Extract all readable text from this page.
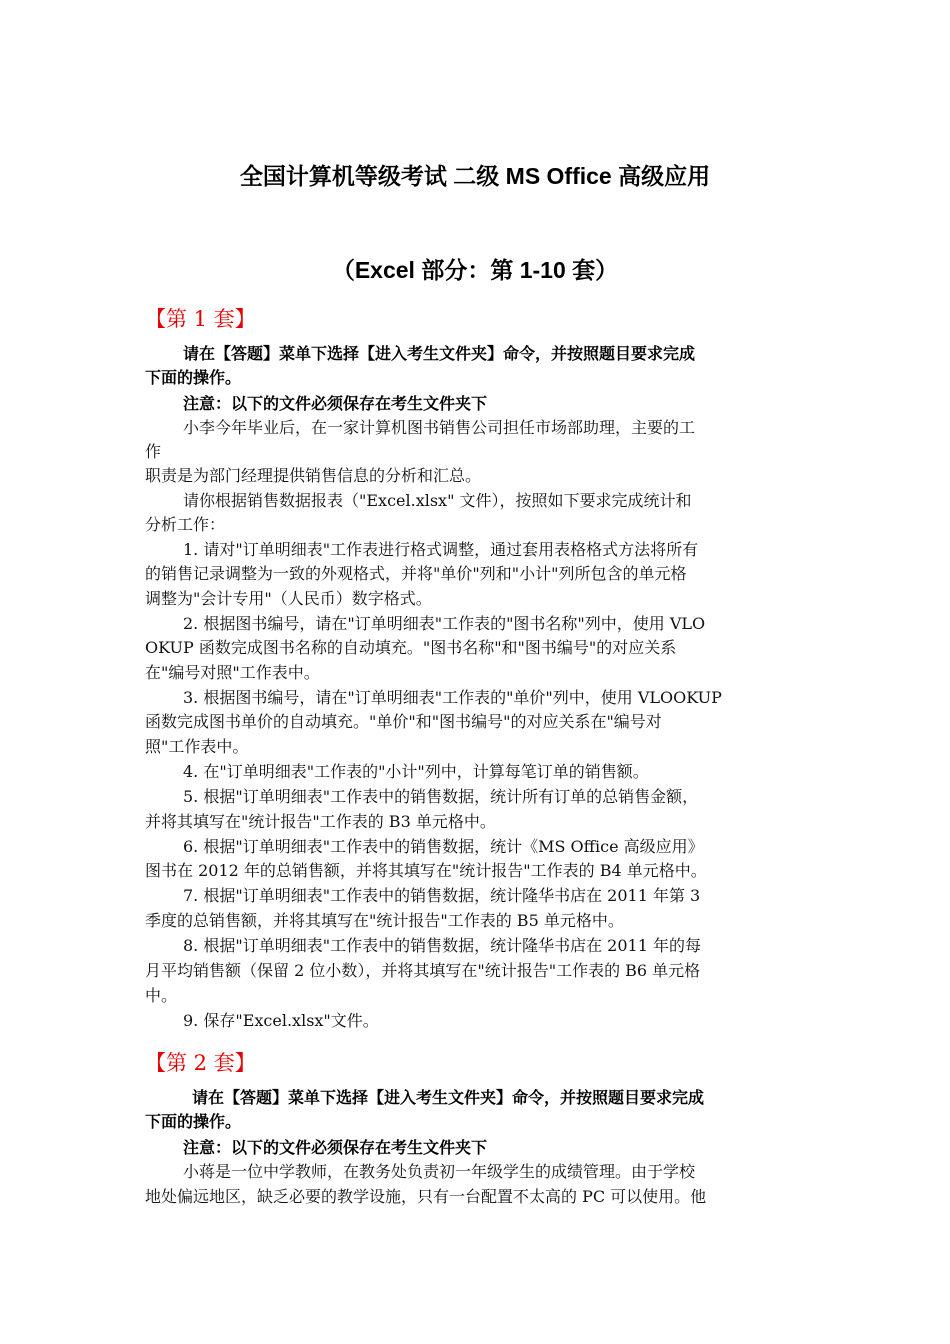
全国计算机等级考试 二级 MS Office 高级应用
（Excel 部分：第 1-10 套）
【第 1 套】
请在【答题】菜单下选择【进入考生文件夹】命令，并按照题目要求完成
下面的操作。
注意：以下的文件必须保存在考生文件夹下
小李今年毕业后，在一家计算机图书销售公司担任市场部助理，主要的工
作
职责是为部门经理提供销售信息的分析和汇总。
请你根据销售数据报表（"Excel.xlsx" 文件），按照如下要求完成统计和
分析工作：
1. 请对"订单明细表"工作表进行格式调整，通过套用表格格式方法将所有
的销售记录调整为一致的外观格式，并将"单价"列和"小计"列所包含的单元格
调整为"会计专用"（人民币）数字格式。
2. 根据图书编号，请在"订单明细表"工作表的"图书名称"列中，使用 VLO
OKUP 函数完成图书名称的自动填充。"图书名称"和"图书编号"的对应关系
在"编号对照"工作表中。
3. 根据图书编号，请在"订单明细表"工作表的"单价"列中，使用 VLOOKUP
函数完成图书单价的自动填充。"单价"和"图书编号"的对应关系在"编号对
照"工作表中。
4. 在"订单明细表"工作表的"小计"列中，计算每笔订单的销售额。
5. 根据"订单明细表"工作表中的销售数据，统计所有订单的总销售金额，
并将其填写在"统计报告"工作表的 B3 单元格中。
6. 根据"订单明细表"工作表中的销售数据，统计《MS Office 高级应用》
图书在 2012 年的总销售额，并将其填写在"统计报告"工作表的 B4 单元格中。
7. 根据"订单明细表"工作表中的销售数据，统计隆华书店在 2011 年第 3
季度的总销售额，并将其填写在"统计报告"工作表的 B5 单元格中。
8. 根据"订单明细表"工作表中的销售数据，统计隆华书店在 2011 年的每
月平均销售额（保留 2 位小数），并将其填写在"统计报告"工作表的 B6 单元格
中。
9. 保存"Excel.xlsx"文件。
【第 2 套】
请在【答题】菜单下选择【进入考生文件夹】命令，并按照题目要求完成
下面的操作。
注意：以下的文件必须保存在考生文件夹下
小蒋是一位中学教师，在教务处负责初一年级学生的成绩管理。由于学校
地处偏远地区，缺乏必要的教学设施，只有一台配置不太高的 PC 可以使用。他
